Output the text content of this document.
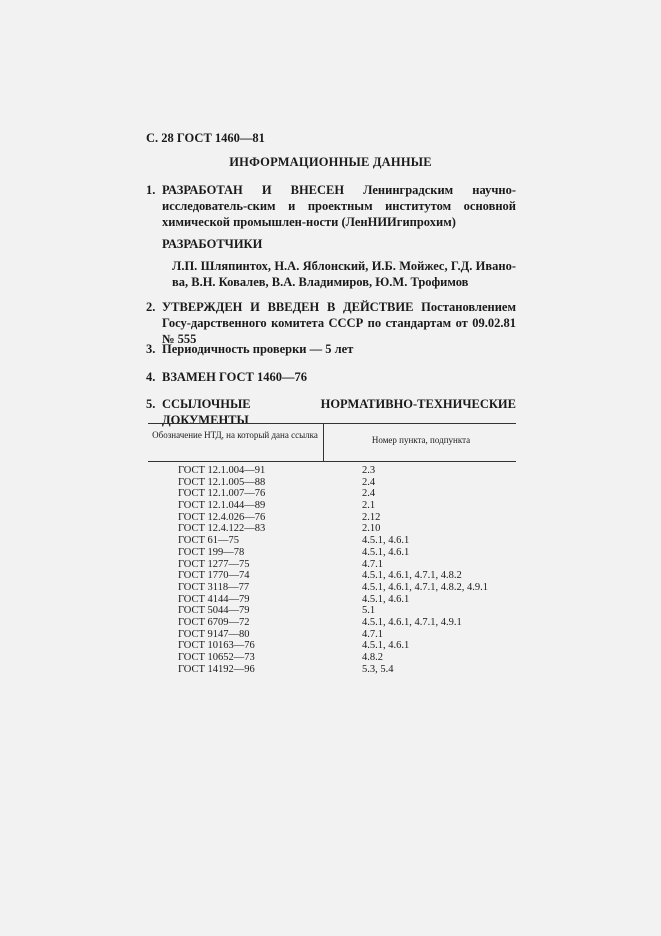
С. 28 ГОСТ 1460—81
ИНФОРМАЦИОННЫЕ ДАННЫЕ
1. РАЗРАБОТАН И ВНЕСЕН Ленинградским научно-исследователь-ским и проектным институтом основной химической промышлен-ности (ЛенНИИгипрохим)
РАЗРАБОТЧИКИ
Л.П. Шляпинтох, Н.А. Яблонский, И.Б. Мойжес, Г.Д. Ивано-ва, В.Н. Ковалев, В.А. Владимиров, Ю.М. Трофимов
2. УТВЕРЖДЕН И ВВЕДЕН В ДЕЙСТВИЕ Постановлением Госу-дарственного комитета СССР по стандартам от 09.02.81 № 555
3. Периодичность проверки — 5 лет
4. ВЗАМЕН ГОСТ 1460—76
5. ССЫЛОЧНЫЕ НОРМАТИВНО-ТЕХНИЧЕСКИЕ ДОКУМЕНТЫ
Обозначение НТД, на который дана ссылка	Номер пункта, подпункта
ГОСТ 12.1.004—91	2.3
ГОСТ 12.1.005—88	2.4
ГОСТ 12.1.007—76	2.4
ГОСТ 12.1.044—89	2.1
ГОСТ 12.4.026—76	2.12
ГОСТ 12.4.122—83	2.10
ГОСТ 61—75	4.5.1, 4.6.1
ГОСТ 199—78	4.5.1, 4.6.1
ГОСТ 1277—75	4.7.1
ГОСТ 1770—74	4.5.1, 4.6.1, 4.7.1, 4.8.2
ГОСТ 3118—77	4.5.1, 4.6.1, 4.7.1, 4.8.2, 4.9.1
ГОСТ 4144—79	4.5.1, 4.6.1
ГОСТ 5044—79	5.1
ГОСТ 6709—72	4.5.1, 4.6.1, 4.7.1, 4.9.1
ГОСТ 9147—80	4.7.1
ГОСТ 10163—76	4.5.1, 4.6.1
ГОСТ 10652—73	4.8.2
ГОСТ 14192—96	5.3, 5.4
